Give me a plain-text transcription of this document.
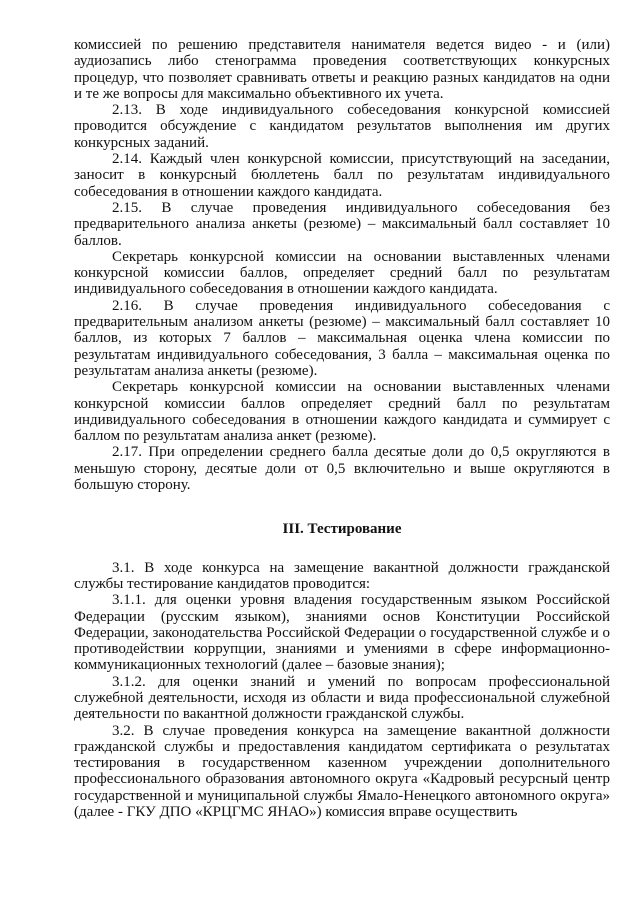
комиссией по решению представителя нанимателя ведется видео - и (или) аудиозапись либо стенограмма проведения соответствующих конкурсных процедур, что позволяет сравнивать ответы и реакцию разных кандидатов на одни и те же вопросы для максимально объективного их учета.

2.13. В ходе индивидуального собеседования конкурсной комиссией проводится обсуждение с кандидатом результатов выполнения им других конкурсных заданий.

2.14. Каждый член конкурсной комиссии, присутствующий на заседании, заносит в конкурсный бюллетень балл по результатам индивидуального собеседования в отношении каждого кандидата.

2.15. В случае проведения индивидуального собеседования без предварительного анализа анкеты (резюме) – максимальный балл составляет 10 баллов.

Секретарь конкурсной комиссии на основании выставленных членами конкурсной комиссии баллов, определяет средний балл по результатам индивидуального собеседования в отношении каждого кандидата.

2.16. В случае проведения индивидуального собеседования с предварительным анализом анкеты (резюме) – максимальный балл составляет 10 баллов, из которых 7 баллов – максимальная оценка члена комиссии по результатам индивидуального собеседования, 3 балла – максимальная оценка по результатам анализа анкеты (резюме).

Секретарь конкурсной комиссии на основании выставленных членами конкурсной комиссии баллов определяет средний балл по результатам индивидуального собеседования в отношении каждого кандидата и суммирует с баллом по результатам анализа анкет (резюме).

2.17. При определении среднего балла десятые доли до 0,5 округляются в меньшую сторону, десятые доли от 0,5 включительно и выше округляются в большую сторону.

III. Тестирование

3.1. В ходе конкурса на замещение вакантной должности гражданской службы тестирование кандидатов проводится:

3.1.1. для оценки уровня владения государственным языком Российской Федерации (русским языком), знаниями основ Конституции Российской Федерации, законодательства Российской Федерации о государственной службе и о противодействии коррупции, знаниями и умениями в сфере информационно-коммуникационных технологий (далее – базовые знания);

3.1.2. для оценки знаний и умений по вопросам профессиональной служебной деятельности, исходя из области и вида профессиональной служебной деятельности по вакантной должности гражданской службы.

3.2. В случае проведения конкурса на замещение вакантной должности гражданской службы и предоставления кандидатом сертификата о результатах тестирования в государственном казенном учреждении дополнительного профессионального образования автономного округа «Кадровый ресурсный центр государственной и муниципальной службы Ямало-Ненецкого автономного округа» (далее - ГКУ ДПО «КРЦГМС ЯНАО») комиссия вправе осуществить
